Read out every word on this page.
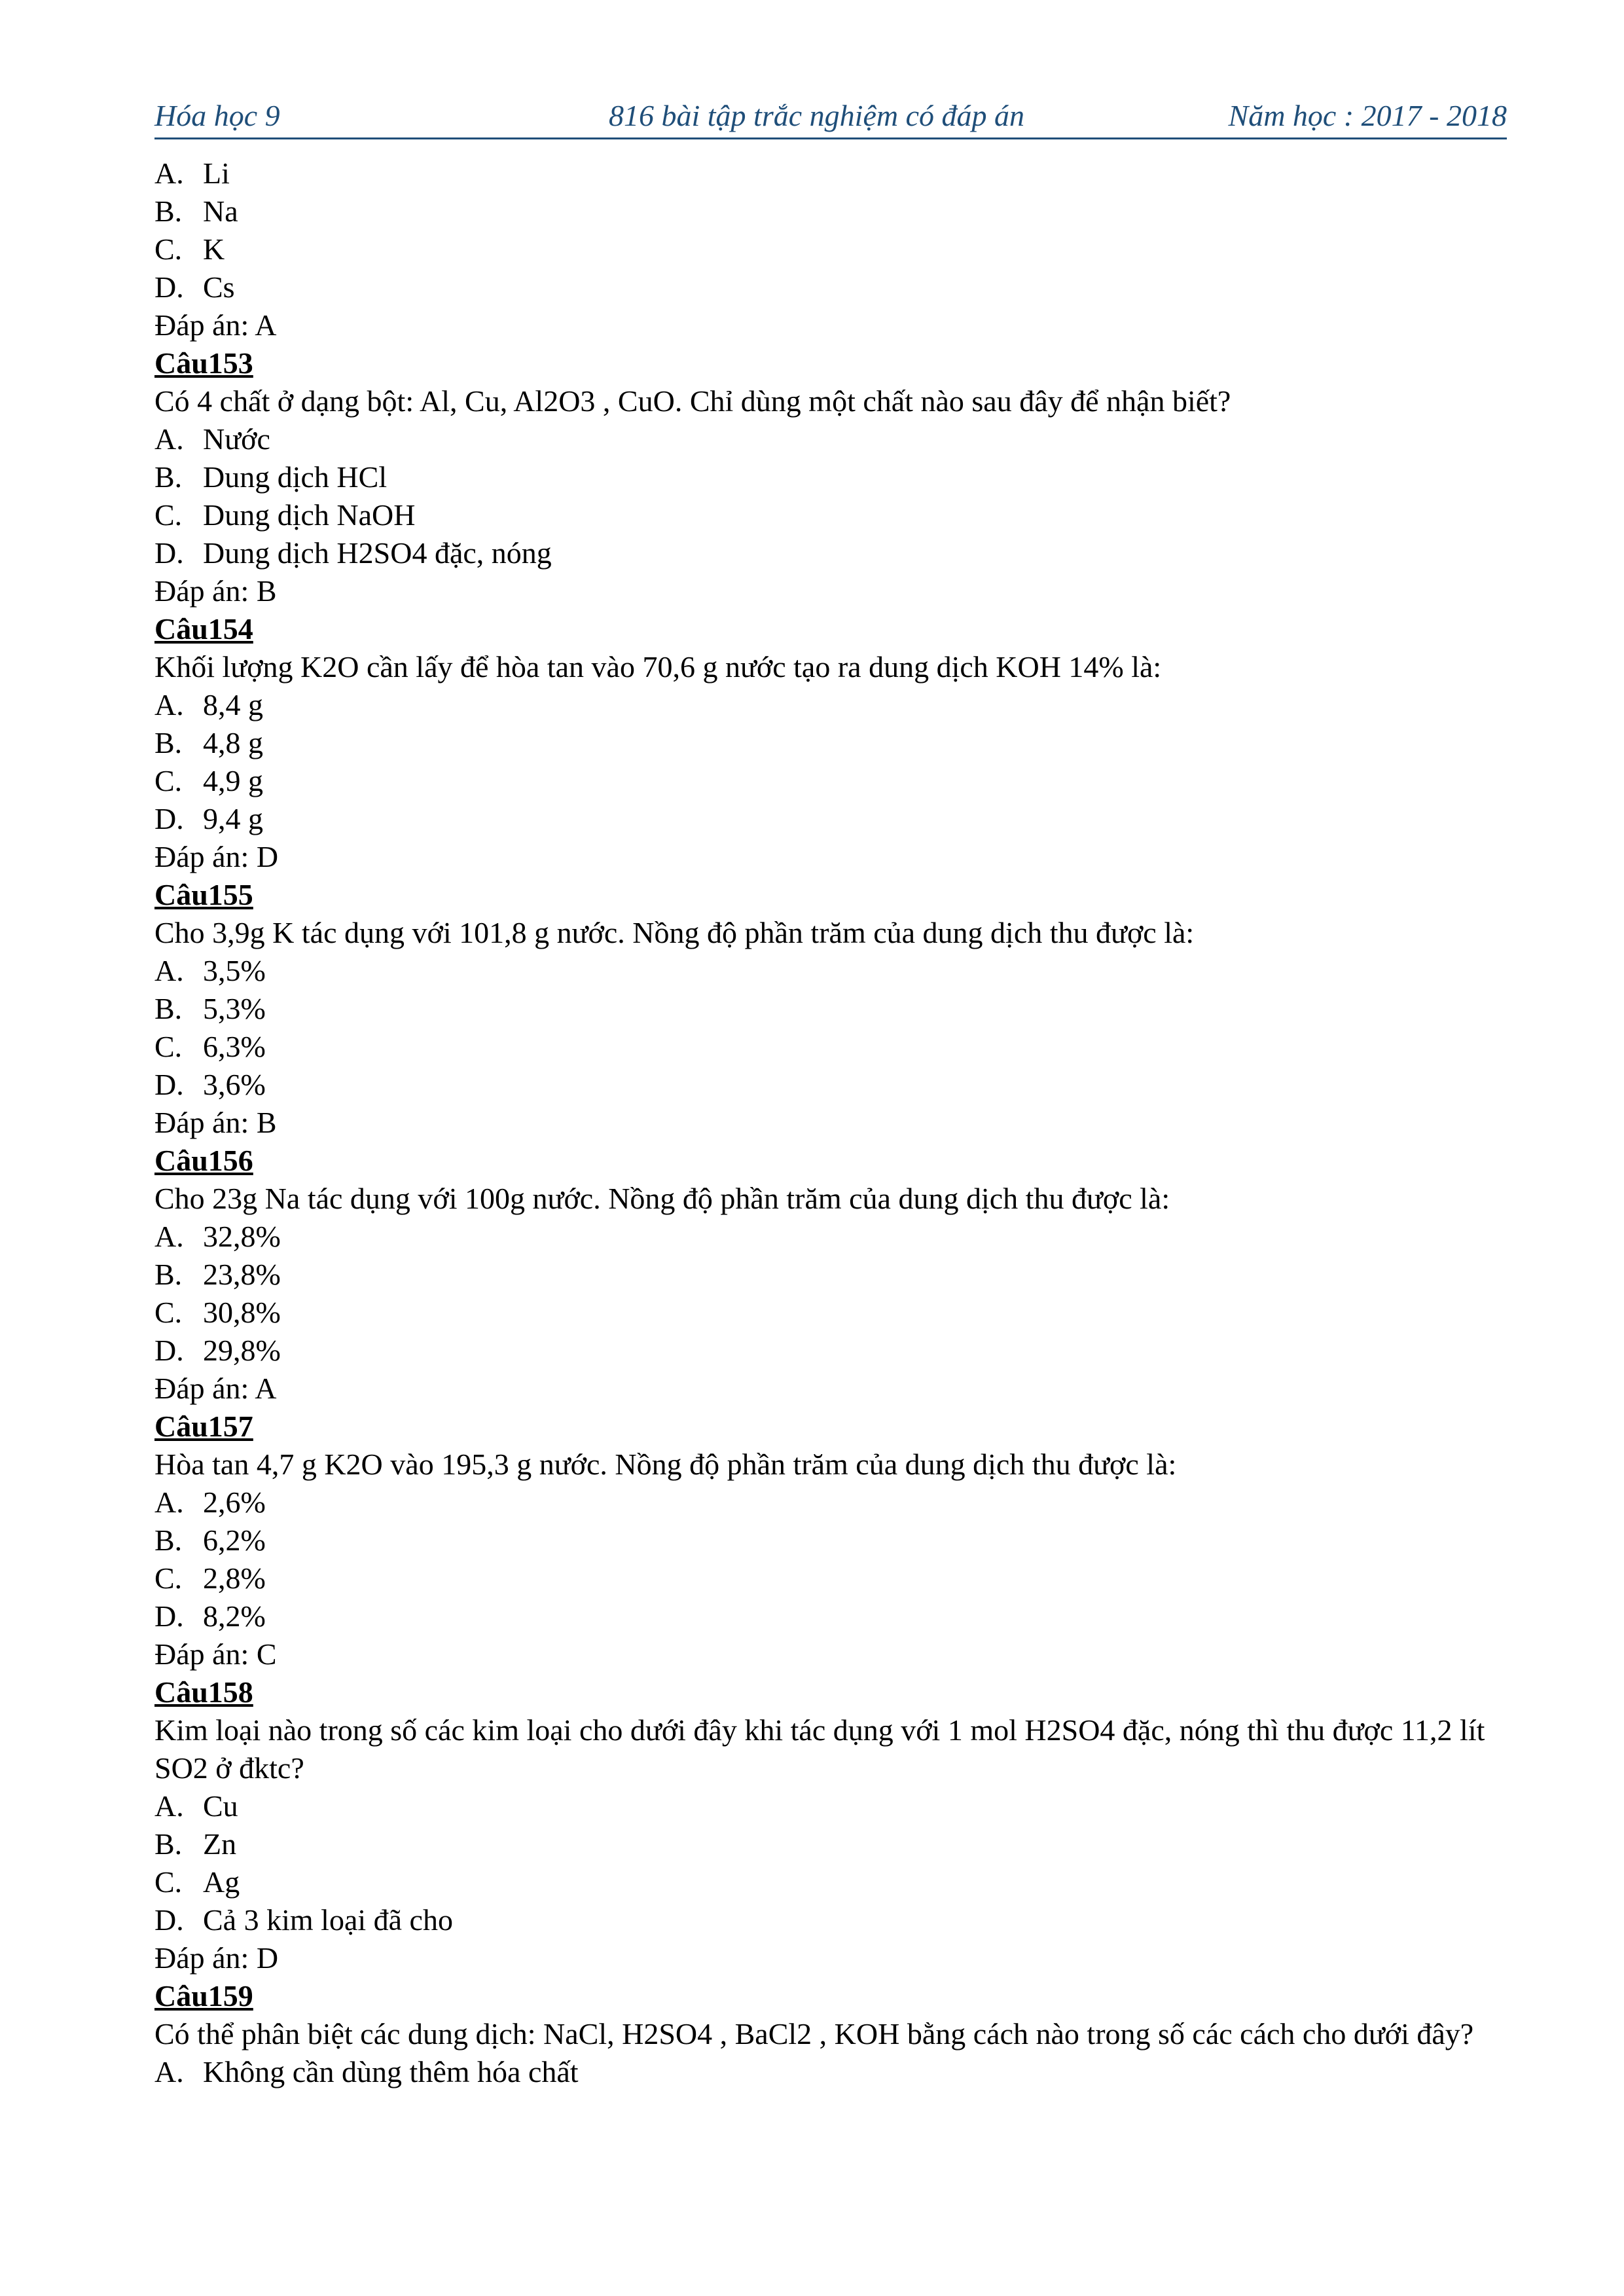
Hóa học 9	816 bài tập trắc nghiệm có đáp án	Năm học : 2017 - 2018
A. Li
B. Na
C. K
D. Cs
Đáp án: A
Câu153
Có 4 chất ở dạng bột: Al, Cu, Al2O3 , CuO. Chỉ dùng một chất nào sau đây để nhận biết?
A. Nước
B. Dung dịch HCl
C. Dung dịch NaOH
D. Dung dịch H2SO4 đặc, nóng
Đáp án: B
Câu154
Khối lượng K2O cần lấy để hòa tan vào 70,6 g nước tạo ra dung dịch KOH 14% là:
A. 8,4 g
B. 4,8 g
C. 4,9 g
D. 9,4 g
Đáp án: D
Câu155
Cho 3,9g K tác dụng với 101,8 g nước. Nồng độ phần trăm của dung dịch thu được là:
A. 3,5%
B. 5,3%
C. 6,3%
D. 3,6%
Đáp án: B
Câu156
Cho 23g Na tác dụng với 100g nước. Nồng độ phần trăm của dung dịch thu được là:
A. 32,8%
B. 23,8%
C. 30,8%
D. 29,8%
Đáp án: A
Câu157
Hòa tan 4,7 g K2O vào 195,3 g nước. Nồng độ phần trăm của dung dịch thu được là:
A. 2,6%
B. 6,2%
C. 2,8%
D. 8,2%
Đáp án: C
Câu158
Kim loại nào trong số các kim loại cho dưới đây khi tác dụng với 1 mol H2SO4 đặc, nóng thì thu được 11,2 lít SO2 ở đktc?
A. Cu
B. Zn
C. Ag
D. Cả 3 kim loại đã cho
Đáp án: D
Câu159
Có thể phân biệt các dung dịch: NaCl, H2SO4 , BaCl2 , KOH bằng cách nào trong số các cách cho dưới đây?
A. Không cần dùng thêm hóa chất
